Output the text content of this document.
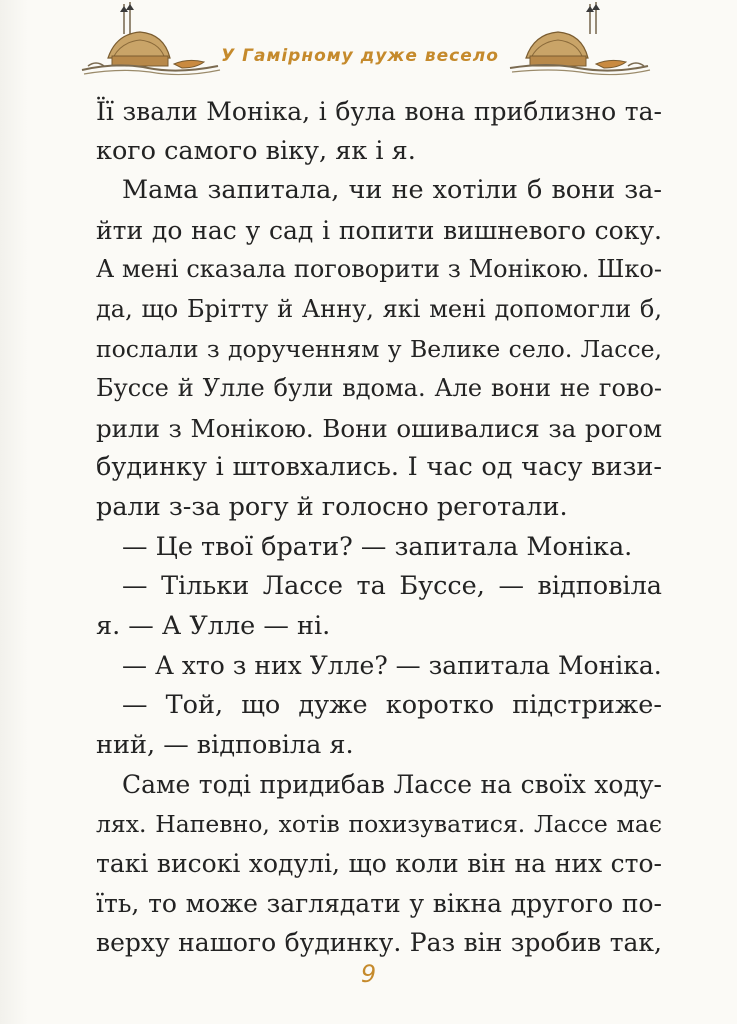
У Гамірному дуже весело
Її звали Моніка, і була вона приблизно та-
кого самого віку, як і я.
Мама запитала, чи не хотіли б вони за-
йти до нас у сад і попити вишневого соку.
А мені сказала поговорити з Монікою. Шко-
да, що Брітту й Анну, які мені допомогли б,
послали з дорученням у Велике село. Лассе,
Буссе й Улле були вдома. Але вони не гово-
рили з Монікою. Вони ошивалися за рогом
будинку і штовхались. І час од часу визи-
рали з-за рогу й голосно реготали.
— Це твої брати? — запитала Моніка.
— Тільки Лассе та Буссе, — відповіла
я. — А Улле — ні.
— А хто з них Улле? — запитала Моніка.
— Той, що дуже коротко підстриже-
ний, — відповіла я.
Саме тоді придибав Лассе на своїх ходу-
лях. Напевно, хотів похизуватися. Лассе має
такі високі ходулі, що коли він на них сто-
їть, то може заглядати у вікна другого по-
верху нашого будинку. Раз він зробив так,
9
